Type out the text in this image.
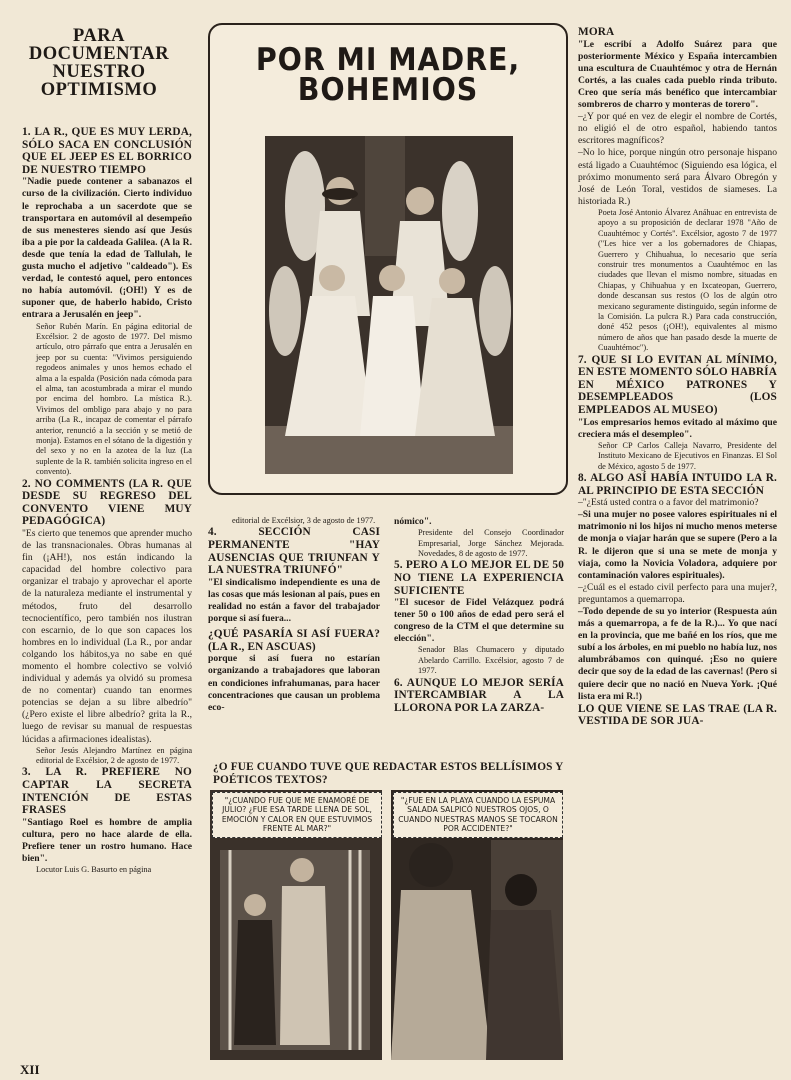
PARA
DOCUMENTAR
NUESTRO
OPTIMISMO

1. LA R., QUE ES MUY LERDA, SÓLO SACA EN CONCLUSIÓN QUE EL JEEP ES EL BORRICO DE NUESTRO TIEMPO

"Nadie puede contener a sabanazos el curso de la civilización. Cierto individuo le reprochaba a un sacerdote que se transportara en automóvil al desempeño de sus menesteres siendo así que Jesús iba a pie por la caldeada Galilea. (A la R. desde que tenía la edad de Tallulah, le gusta mucho el adjetivo "caldeado"). Es verdad, le contestó aquel, pero entonces no había automóvil. (¡OH!) Y es de suponer que, de haberlo habido, Cristo entrara a Jerusalén en jeep".

Señor Rubén Marín. En página editorial de Excélsior. 2 de agosto de 1977. Del mismo artículo, otro párrafo que entra a Jerusalén en jeep por su cuenta: "Vivimos persiguiendo regodeos animales y unos hemos echado el alma a la espalda (Posición nada cómoda para el alma, tan acostumbrada a mirar el mundo por encima del hombro. La mística R.). Vivimos del ombligo para abajo y no para arriba (La R., incapaz de comentar el párrafo anterior, renunció a la sección y se metió de monja). Estamos en el sótano de la digestión y del sexo y no en la azotea de la luz (La suplente de la R. también solicita ingreso en el convento).

2. NO COMMENTS (LA R. QUE DESDE SU REGRESO DEL CONVENTO VIENE MUY PEDAGÓGICA)

"Es cierto que tenemos que aprender mucho de las transnacionales. Obras humanas al fin (¡AH!), nos están indicando la capacidad del hombre colectivo para organizar el trabajo y aprovechar el aporte de la naturaleza mediante el instrumental y métodos, fruto del desarrollo tecnocientífico, pero también nos ilustran con escarnio, de lo que son capaces los hombres en lo individual (La R., por andar colgando los hábitos,ya no sabe en qué momento el hombre colectivo se volvió individual y además ya olvidó su promesa de no comentar) cuando tan enormes potencias se dejan a su libre albedrío" (¿Pero existe el libre albedrío? grita la R., luego de revisar su manual de respuestas lúcidas a afirmaciones idealistas).

Señor Jesús Alejandro Martínez en página editorial de Excélsior, 2 de agosto de 1977.

3. LA R. PREFIERE NO CAPTAR LA SECRETA INTENCIÓN DE ESTAS FRASES

"Santiago Roel es hombre de amplia cultura, pero no hace alarde de ella. Prefiere tener un rostro humano. Hace bien".

Locutor Luis G. Basurto en página

POR MI MADRE,
BOHEMIOS

editorial de Excélsior, 3 de agosto de 1977.

4. SECCIÓN CASI PERMANENTE "HAY AUSENCIAS QUE TRIUNFAN Y LA NUESTRA TRIUNFÓ"

"El sindicalismo independiente es una de las cosas que más lesionan al país, pues en realidad no están a favor del trabajador porque si así fuera...

¿QUÉ PASARÍA SI ASÍ FUERA? (LA R., EN ASCUAS)

porque si así fuera no estarían organizando a trabajadores que laboran en condiciones infrahumanas, para hacer concentraciones que causan un problema eco-

nómico".

Presidente del Consejo Coordinador Empresarial, Jorge Sánchez Mejorada. Novedades, 8 de agosto de 1977.

5. PERO A LO MEJOR EL DE 50 NO TIENE LA EXPERIENCIA SUFICIENTE

"El sucesor de Fidel Velázquez podrá tener 50 o 100 años de edad pero será el congreso de la CTM el que determine su elección".

Senador Blas Chumacero y diputado Abelardo Carrillo. Excélsior, agosto 7 de 1977.

6. AUNQUE LO MEJOR SERÍA INTERCAMBIAR A LA LLORONA POR LA ZARZA-

¿O FUE CUANDO TUVE QUE REDACTAR ESTOS BELLÍSIMOS Y POÉTICOS TEXTOS?

"¿CUANDO FUE QUE ME ENAMORÉ DE JULIO? ¿FUE ESA TARDE LLENA DE SOL, EMOCIÓN Y CALOR EN QUE ESTUVIMOS FRENTE AL MAR?"
"¿FUE EN LA PLAYA CUANDO LA ESPUMA SALADA SALPICÓ NUESTROS OJOS, O CUANDO NUESTRAS MANOS SE TOCARON POR ACCIDENTE?"

MORA

"Le escribí a Adolfo Suárez para que posteriormente México y España intercambien una escultura de Cuauhtémoc y otra de Hernán Cortés, a las cuales cada pueblo rinda tributo. Creo que sería más benéfico que intercambiar sombreros de charro y monteras de torero".

–¿Y por qué en vez de elegir el nombre de Cortés, no eligió el de otro español, habiendo tantos escritores magníficos?

–No lo hice, porque ningún otro personaje hispano está ligado a Cuauhtémoc (Siguiendo esa lógica, el próximo monumento será para Álvaro Obregón y José de León Toral, vestidos de siameses. La historiada R.)

Poeta José Antonio Álvarez Anáhuac en entrevista de apoyo a su proposición de declarar 1978 "Año de Cuauhtémoc y Cortés". Excélsior, agosto 7 de 1977 ("Les hice ver a los gobernadores de Chiapas, Guerrero y Chihuahua, lo necesario que sería construir tres monumentos a Cuauhtémoc en las ciudades que llevan el mismo nombre, situadas en Chiapas, y Chihuahua y en Ixcateopan, Guerrero, donde descansan sus restos (O los de algún otro mexicano seguramente distinguido, según informe de la Comisión. La pulcra R.) Para cada construcción, doné 452 pesos (¡OH!), equivalentes al mismo número de años que han pasado desde la muerte de Cuauhtémoc").

7. QUE SI LO EVITAN AL MÍNIMO, EN ESTE MOMENTO SÓLO HABRÍA EN MÉXICO PATRONES Y DESEMPLEADOS (LOS EMPLEADOS AL MUSEO)

"Los empresarios hemos evitado al máximo que creciera más el desempleo".

Señor CP Carlos Calleja Navarro, Presidente del Instituto Mexicano de Ejecutivos en Finanzas. El Sol de México, agosto 5 de 1977.

8. ALGO ASÍ HABÍA INTUIDO LA R. AL PRINCIPIO DE ESTA SECCIÓN

–"¿Está usted contra o a favor del matrimonio?

–Si una mujer no posee valores espirituales ni el matrimonio ni los hijos ni mucho menos meterse de monja o viajar harán que se supere (Pero a la R. le dijeron que si una se mete de monja y viaja, como la Novicia Voladora, adquiere por contaminación valores espirituales).

–¿Cuál es el estado civil perfecto para una mujer?, preguntamos a quemarropa.

–Todo depende de su yo interior (Respuesta aún más a quemarropa, a fe de la R.)... Yo que nací en la provincia, que me bañé en los ríos, que me subí a los árboles, en mi pueblo no había luz, nos alumbrábamos con quinqué. ¡Eso no quiere decir que soy de la edad de las cavernas! (Pero si quiere decir que no nació en Nueva York. ¡Qué lista era mi R.!)

LO QUE VIENE SE LAS TRAE (LA R. VESTIDA DE SOR JUA-

XII
